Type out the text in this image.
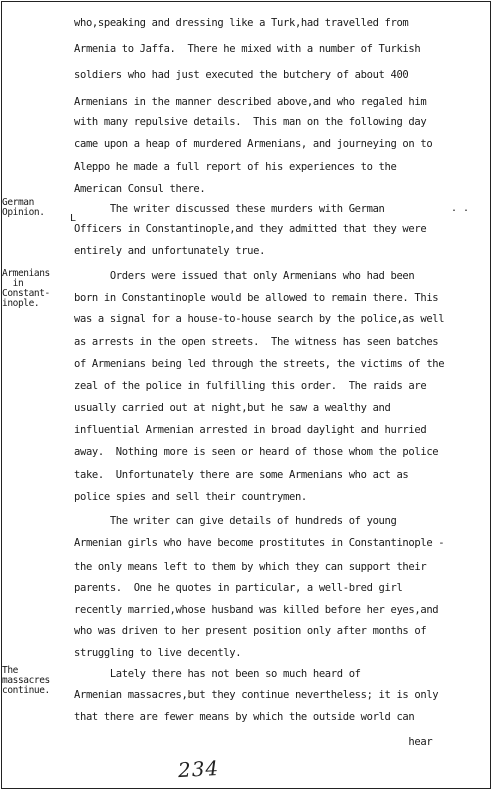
German
Opinion.
Armenians
in
Constant-
inople.
The
massacres
continue.
who,speaking and dressing like a Turk,had travelled from
Armenia to Jaffa.  There he mixed with a number of Turkish
soldiers who had just executed the butchery of about 400
Armenians in the manner described above,and who regaled him
with many repulsive details.  This man on the following day
came upon a heap of murdered Armenians, and journeying on to
Aleppo he made a full report of his experiences to the
American Consul there.
The writer discussed these murders with German
Officers in Constantinople,and they admitted that they were
entirely and unfortunately true.
Orders were issued that only Armenians who had been
born in Constantinople would be allowed to remain there. This
was a signal for a house-to-house search by the police,as well
as arrests in the open streets.  The witness has seen batches
of Armenians being led through the streets, the victims of the
zeal of the police in fulfilling this order.  The raids are
usually carried out at night,but he saw a wealthy and
influential Armenian arrested in broad daylight and hurried
away.  Nothing more is seen or heard of those whom the police
take.  Unfortunately there are some Armenians who act as
police spies and sell their countrymen.
The writer can give details of hundreds of young
Armenian girls who have become prostitutes in Constantinople -
the only means left to them by which they can support their
parents.  One he quotes in particular, a well-bred girl
recently married,whose husband was killed before her eyes,and
who was driven to her present position only after months of
struggling to live decently.
Lately there has not been so much heard of
Armenian massacres,but they continue nevertheless; it is only
that there are fewer means by which the outside world can
hear
. .
L
234
